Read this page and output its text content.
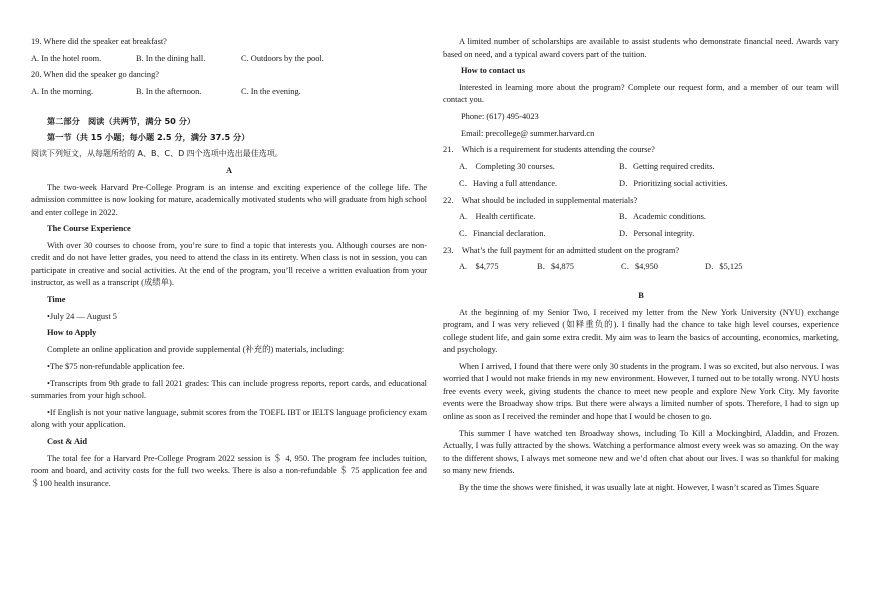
19. Where did the speaker eat breakfast?

A. In the hotel room.	B. In the dining hall.	C. Outdoors by the pool.

20. When did the speaker go dancing?

A. In the morning.	B. In the afternoon.	C. In the evening.

第二部分　阅读（共两节，满分 50 分）

第一节（共 15 小题；每小题 2.5 分，满分 37.5 分）

阅读下列短文，从每题所给的 A、B、C、D 四个选项中选出最佳选项。

A

The two-week Harvard Pre-College Program is an intense and exciting experience of the college life. The admission committee is now looking for mature, academically motivated students who will graduate from high school and enter college in 2022.

The Course Experience

With over 30 courses to choose from, you’re sure to find a topic that interests you. Although courses are non-credit and do not have letter grades, you need to attend the class in its entirety. When class is not in session, you can participate in creative and social activities. At the end of the program, you’ll receive a written evaluation from your instructor, as well as a transcript (成绩单).

Time

•July 24 — August 5

How to Apply

Complete an online application and provide supplemental (补充的) materials, including:

•The $75 non-refundable application fee.

•Transcripts from 9th grade to fall 2021 grades: This can include progress reports, report cards, and educational summaries from your high school.

•If English is not your native language, submit scores from the TOEFL IBT or IELTS language proficiency exam along with your application.

Cost & Aid

The total fee for a Harvard Pre-College Program 2022 session is ＄ 4, 950. The program fee includes tuition, room and board, and activity costs for the full two weeks. There is also a non-refundable ＄ 75 application fee and ＄100 health insurance.

A limited number of scholarships are available to assist students who demonstrate financial need. Awards vary based on need, and a typical award covers part of the tuition.

How to contact us

Interested in learning more about the program? Complete our request form, and a member of our team will contact you.

Phone: (617) 495-4023

Email: precollege@ summer.harvard.cn

21.　Which is a requirement for students attending the course?

A.　Completing 30 courses.	B．Getting required credits.
C．Having a full attendance.	D．Prioritizing social activities.

22.　What should be included in supplemental materials?

A.　Health certificate.	B．Academic conditions.
C．Financial declaration.	D．Personal integrity.

23.　What’s the full payment for an admitted student on the program?

A.　$4,775	B．$4,875	C．$4,950	D．$5,125

B

At the beginning of my Senior Two, I received my letter from the New York University (NYU) exchange program, and I was very relieved (如释重负的). I finally had the chance to take high level courses, experience college student life, and gain some extra credit. My aim was to learn the basics of accounting, economics, marketing, and psychology.

When I arrived, I found that there were only 30 students in the program. I was so excited, but also nervous. I was worried that I would not make friends in my new environment. However, I turned out to be totally wrong. NYU hosts free events every week, giving students the chance to meet new people and explore New York City. My favorite events were the Broadway show trips. But there were always a limited number of spots. Therefore, I had to sign up online as soon as I received the reminder and hope that I would be chosen to go.

This summer I have watched ten Broadway shows, including To Kill a Mockingbird, Aladdin, and Frozen. Actually, I was fully attracted by the shows. Watching a performance almost every week was so amazing. On the way to the different shows, I always met someone new and we’d often chat about our lives. I was so thankful for making so many new friends.

By the time the shows were finished, it was usually late at night. However, I wasn’t scared as Times Square
